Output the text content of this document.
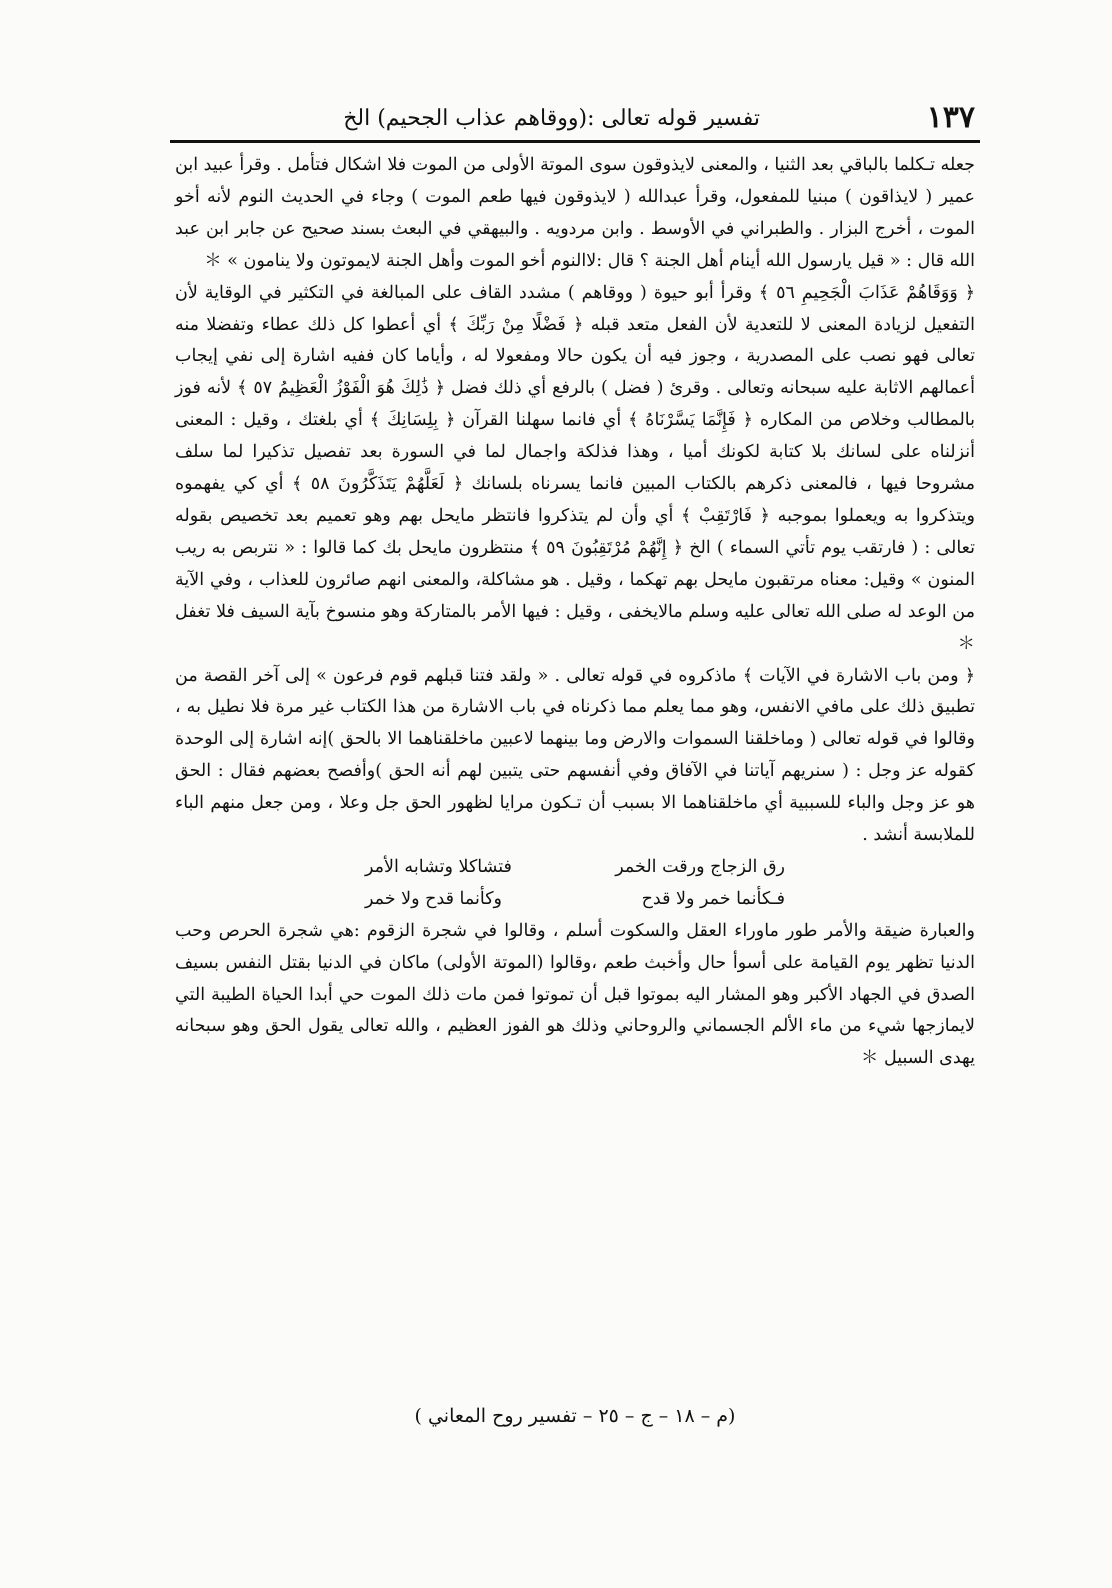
١٣٧
تفسير قوله تعالى :(ووقاهم عذاب الجحيم) الخ

جعله تـكلما بالباقي بعد الثنيا ، والمعنى لايذوقون سوى الموتة الأولى من الموت فلا اشكال فتأمل . وقرأ عبيد ابن عمير ( لايذاقون ) مبنيا للمفعول، وقرأ عبدالله ( لايذوقون فيها طعم الموت ) وجاء في الحديث النوم لأنه أخو الموت ، أخرج البزار . والطبراني في الأوسط . وابن مردويه . والبيهقي في البعث بسند صحيح عن جابر ابن عبد الله قال : « قيل يارسول الله أينام أهل الجنة ؟ قال :لاالنوم أخو الموت وأهل الجنة لايموتون ولا ينامون » ＊

﴿ وَوَقَاهُمْ عَذَابَ الْجَحِيمِ ٥٦ ﴾ وقرأ أبو حيوة ( ووقاهم ) مشدد القاف على المبالغة في التكثير في الوقاية لأن التفعيل لزيادة المعنى لا للتعدية لأن الفعل متعد قبله ﴿ فَضْلًا مِنْ رَبِّكَ ﴾ أي أعطوا كل ذلك عطاء وتفضلا منه تعالى فهو نصب على المصدرية ، وجوز فيه أن يكون حالا ومفعولا له ، وأياما كان ففيه اشارة إلى نفي إيجاب أعمالهم الاثابة عليه سبحانه وتعالى . وقرئ ( فضل ) بالرفع أي ذلك فضل ﴿ ذَٰلِكَ هُوَ الْفَوْزُ الْعَظِيمُ ٥٧ ﴾ لأنه فوز بالمطالب وخلاص من المكاره ﴿ فَإِنَّمَا يَسَّرْنَاهُ ﴾ أي فانما سهلنا القرآن ﴿ بِلِسَانِكَ ﴾ أي بلغتك ، وقيل : المعنى أنزلناه على لسانك بلا كتابة لكونك أميا ، وهذا فذلكة واجمال لما في السورة بعد تفصيل تذكيرا لما سلف مشروحا فيها ، فالمعنى ذكرهم بالكتاب المبين فانما يسرناه بلسانك ﴿ لَعَلَّهُمْ يَتَذَكَّرُونَ ٥٨ ﴾ أي كي يفهموه ويتذكروا به ويعملوا بموجبه ﴿ فَارْتَقِبْ ﴾ أي وأن لم يتذكروا فانتظر مايحل بهم وهو تعميم بعد تخصيص بقوله تعالى : ( فارتقب يوم تأتي السماء ) الخ ﴿ إِنَّهُمْ مُرْتَقِبُونَ ٥٩ ﴾ منتظرون مايحل بك كما قالوا : « نتربص به ريب المنون » وقيل: معناه مرتقبون مايحل بهم تهكما ، وقيل . هو مشاكلة، والمعنى انهم صائرون للعذاب ، وفي الآية من الوعد له صلى الله تعالى عليه وسلم مالايخفى ، وقيل : فيها الأمر بالمتاركة وهو منسوخ بآية السيف فلا تغفل ＊

﴿ ومن باب الاشارة في الآيات ﴾ ماذكروه في قوله تعالى . « ولقد فتنا قبلهم قوم فرعون » إلى آخر القصة من تطبيق ذلك على مافي الانفس، وهو مما يعلم مما ذكرناه في باب الاشارة من هذا الكتاب غير مرة فلا نطيل به ، وقالوا في قوله تعالى ( وماخلقنا السموات والارض وما بينهما لاعبين ماخلقناهما الا بالحق )إنه اشارة إلى الوحدة كقوله عز وجل : ( سنريهم آياتنا في الآفاق وفي أنفسهم حتى يتبين لهم أنه الحق )وأفصح بعضهم فقال : الحق هو عز وجل والباء للسببية أي ماخلقناهما الا بسبب أن تـكون مرايا لظهور الحق جل وعلا ، ومن جعل منهم الباء للملابسة أنشد .

رق الزجاج ورقت الخمر
فتشاكلا وتشابه الأمر
فـكأنما خمر ولا قدح
وكأنما قدح ولا خمر

والعبارة ضيقة والأمر طور ماوراء العقل والسكوت أسلم ، وقالوا في شجرة الزقوم :هي شجرة الحرص وحب الدنيا تظهر يوم القيامة على أسوأ حال وأخبث طعم ،وقالوا (الموتة الأولى) ماكان في الدنيا بقتل النفس بسيف الصدق في الجهاد الأكبر وهو المشار اليه بموتوا قبل أن تموتوا فمن مات ذلك الموت حي أبدا الحياة الطيبة التي لايمازجها شيء من ماء الألم الجسماني والروحاني وذلك هو الفوز العظيم ، والله تعالى يقول الحق وهو سبحانه يهدى السبيل ＊

(م – ١٨ – ج – ٢٥ – تفسير روح المعاني )
